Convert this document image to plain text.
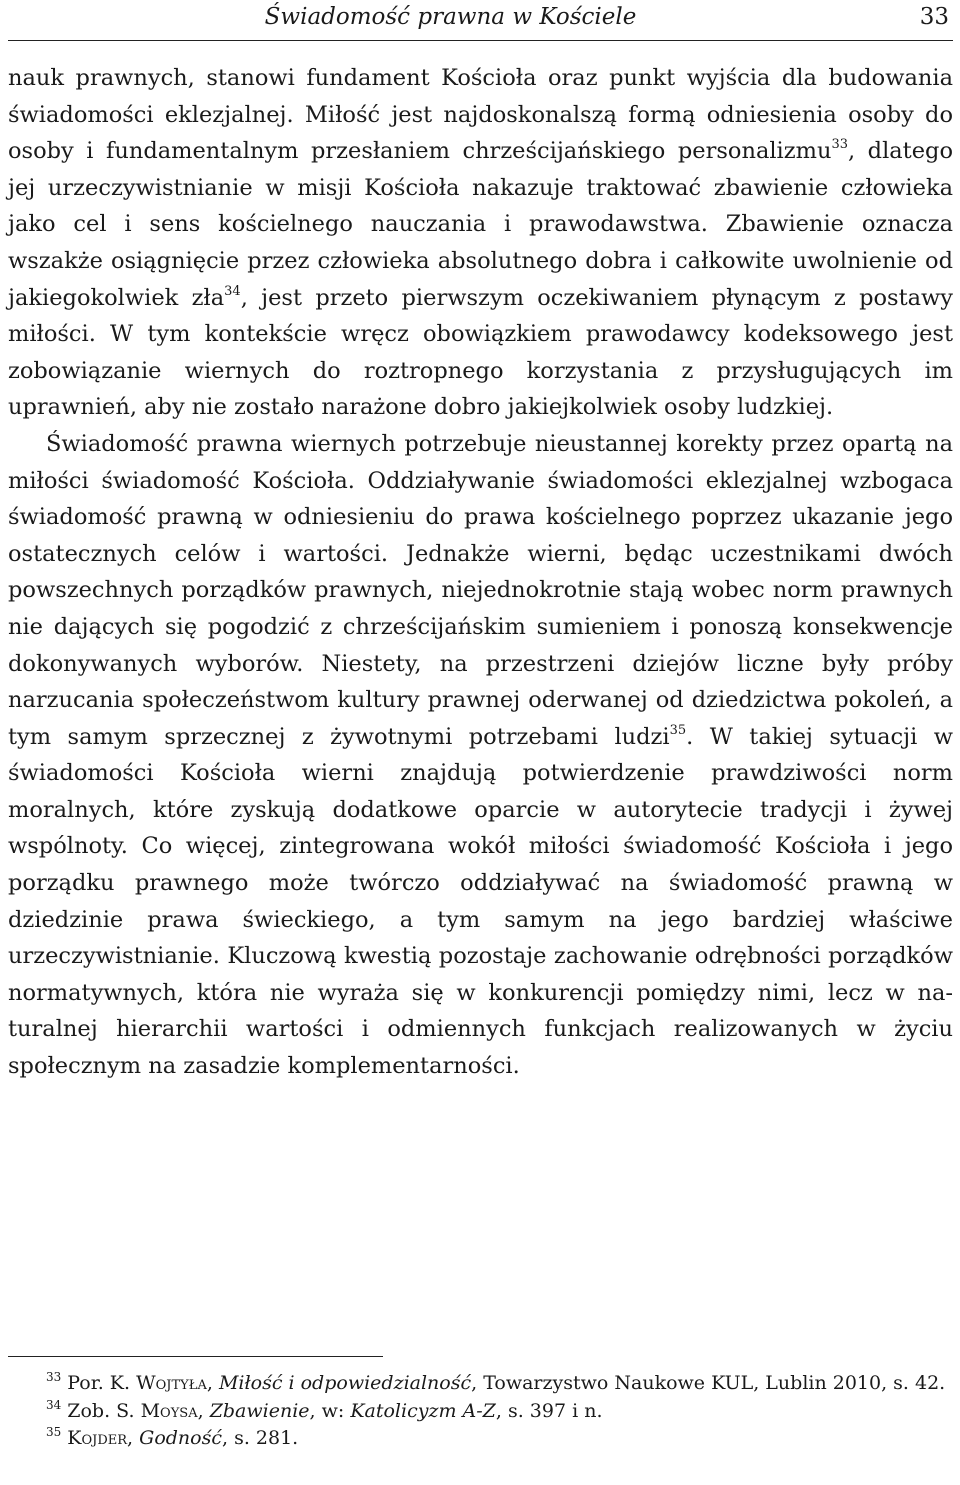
Świadomość prawna w Kościele	33

nauk prawnych, stanowi fundament Kościoła oraz punkt wyjścia dla budowania świadomości eklezjalnej. Miłość jest najdoskonalszą formą odniesienia osoby do osoby i fundamentalnym przesłaniem chrześcijańskiego personalizmu$^{33}$, dlatego jej urzeczywistnianie w misji Kościoła nakazuje traktować zbawienie człowieka jako cel i sens kościelnego nauczania i prawodawstwa. Zbawienie oznacza wszakże osiągnięcie przez człowieka absolutnego dobra i całkowite uwolnienie od jakiegokolwiek zła$^{34}$, jest przeto pierwszym oczekiwaniem płynącym z postawy miłości. W tym kontekście wręcz obowiązkiem prawodawcy kodeksowego jest zobowiązanie wiernych do roztropnego korzystania z przysługujących im uprawnień, aby nie zostało narażone dobro jakiejkolwiek osoby ludzkiej.

Świadomość prawna wiernych potrzebuje nieustannej korekty przez opartą na miłości świadomość Kościoła. Oddziaływanie świadomości eklezjalnej wzbogaca świadomość prawną w odniesieniu do prawa kościelnego poprzez ukazanie jego ostatecznych celów i wartości. Jednakże wierni, będąc uczestnikami dwóch powszechnych porządków prawnych, niejednokrotnie stają wobec norm prawnych nie dających się pogodzić z chrześcijańskim sumieniem i ponoszą konsekwencje dokonywanych wyborów. Niestety, na przestrzeni dziejów liczne były próby narzucania społeczeństwom kultury prawnej oderwanej od dziedzictwa pokoleń, a tym samym sprzecznej z żywotnymi potrzebami ludzi$^{35}$. W takiej sytuacji w świadomości Kościoła wierni znajdują potwierdzenie prawdziwości norm moralnych, które zyskują dodatkowe oparcie w autorytecie tradycji i żywej wspólnoty. Co więcej, zintegrowana wokół miłości świadomość Kościoła i jego porządku prawnego może twórczo oddziaływać na świadomość prawną w dziedzinie prawa świeckiego, a tym samym na jego bardziej właściwe urzeczywistnianie. Kluczową kwestią pozostaje zachowanie odrębności porządków normatywnych, która nie wyraża się w konkurencji pomiędzy nimi, lecz w naturalnej hierarchii wartości i odmiennych funkcjach realizowanych w życiu społecznym na zasadzie komplementarności.

$^{33}$ Por. K. Wojtyła, Miłość i odpowiedzialność, Towarzystwo Naukowe KUL, Lublin 2010, s. 42.

$^{34}$ Zob. S. Moysa, Zbawienie, w: Katolicyzm A-Z, s. 397 i n.

$^{35}$ Kojder, Godność, s. 281.
